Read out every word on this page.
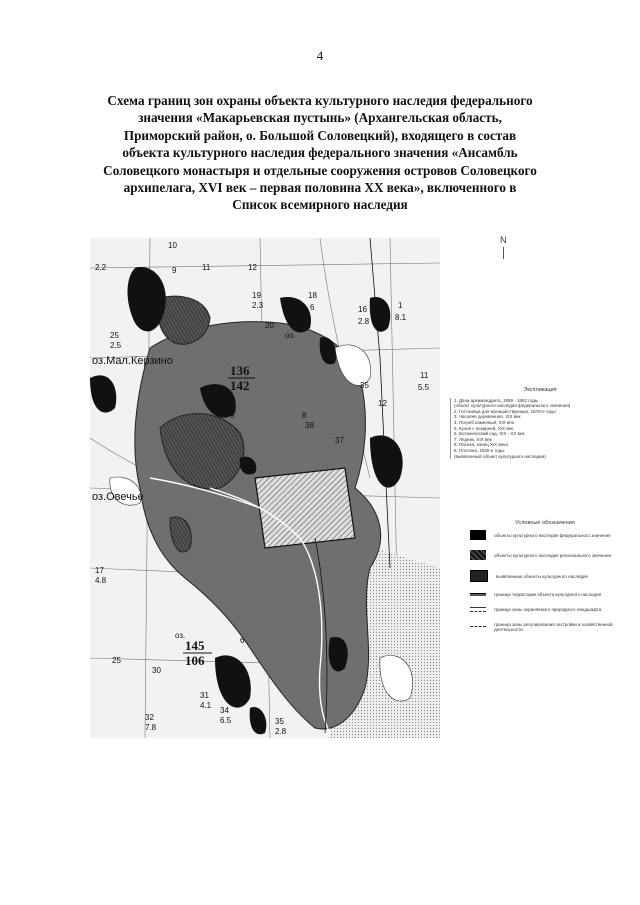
4
Схема границ зон охраны объекта культурного наследия федерального
значения «Макарьевская пустынь» (Архангельская область,
Приморский район, о. Большой Соловецкий), входящего в состав
объекта культурного наследия федерального значения «Ансамбль
Соловецкого монастыря и отдельные сооружения островов Соловецкого
архипелага, XVI век – первая половина XX века», включенного в
Список всемирного наследия
оз.Мал.Керзино
оз.Овечье
оз.
оз.
136
142
145
106
10
2.2	9	11	12
18
6	16
2.8
19
2.3
20
25
2.5
1
8.1
9
11
5.5
35
12
37
38
8
6
17
4.8
30
25
31
4.1
34
6.5
32
7.8
35
2.8
N
Экспликация
1. Дача архимандрита, 1859 - 1862 годы
(объект культурного наследия федерального значения)
2. Гостиница для монашествующих, 1870-е годы
3. Часовня деревянная, XIX век
4. Погреб каменный, XIX век
5. Кухня с пекарней, XIX век
6. Ботанический сад, XIX - XX век
7. Ледник, XIX век
8. Пасека, конец XIX века
9. Плотина, 1930-е годы
(выявленный объект культурного наследия)
Условные обозначения
объекты культурного наследия федерального значения
объекты культурного наследия регионального значения
выявленные объекты культурного наследия
граница территории объекта культурного наследия
граница зоны охраняемого природного ландшафта
граница зоны регулирования застройки и хозяйственной деятельности
